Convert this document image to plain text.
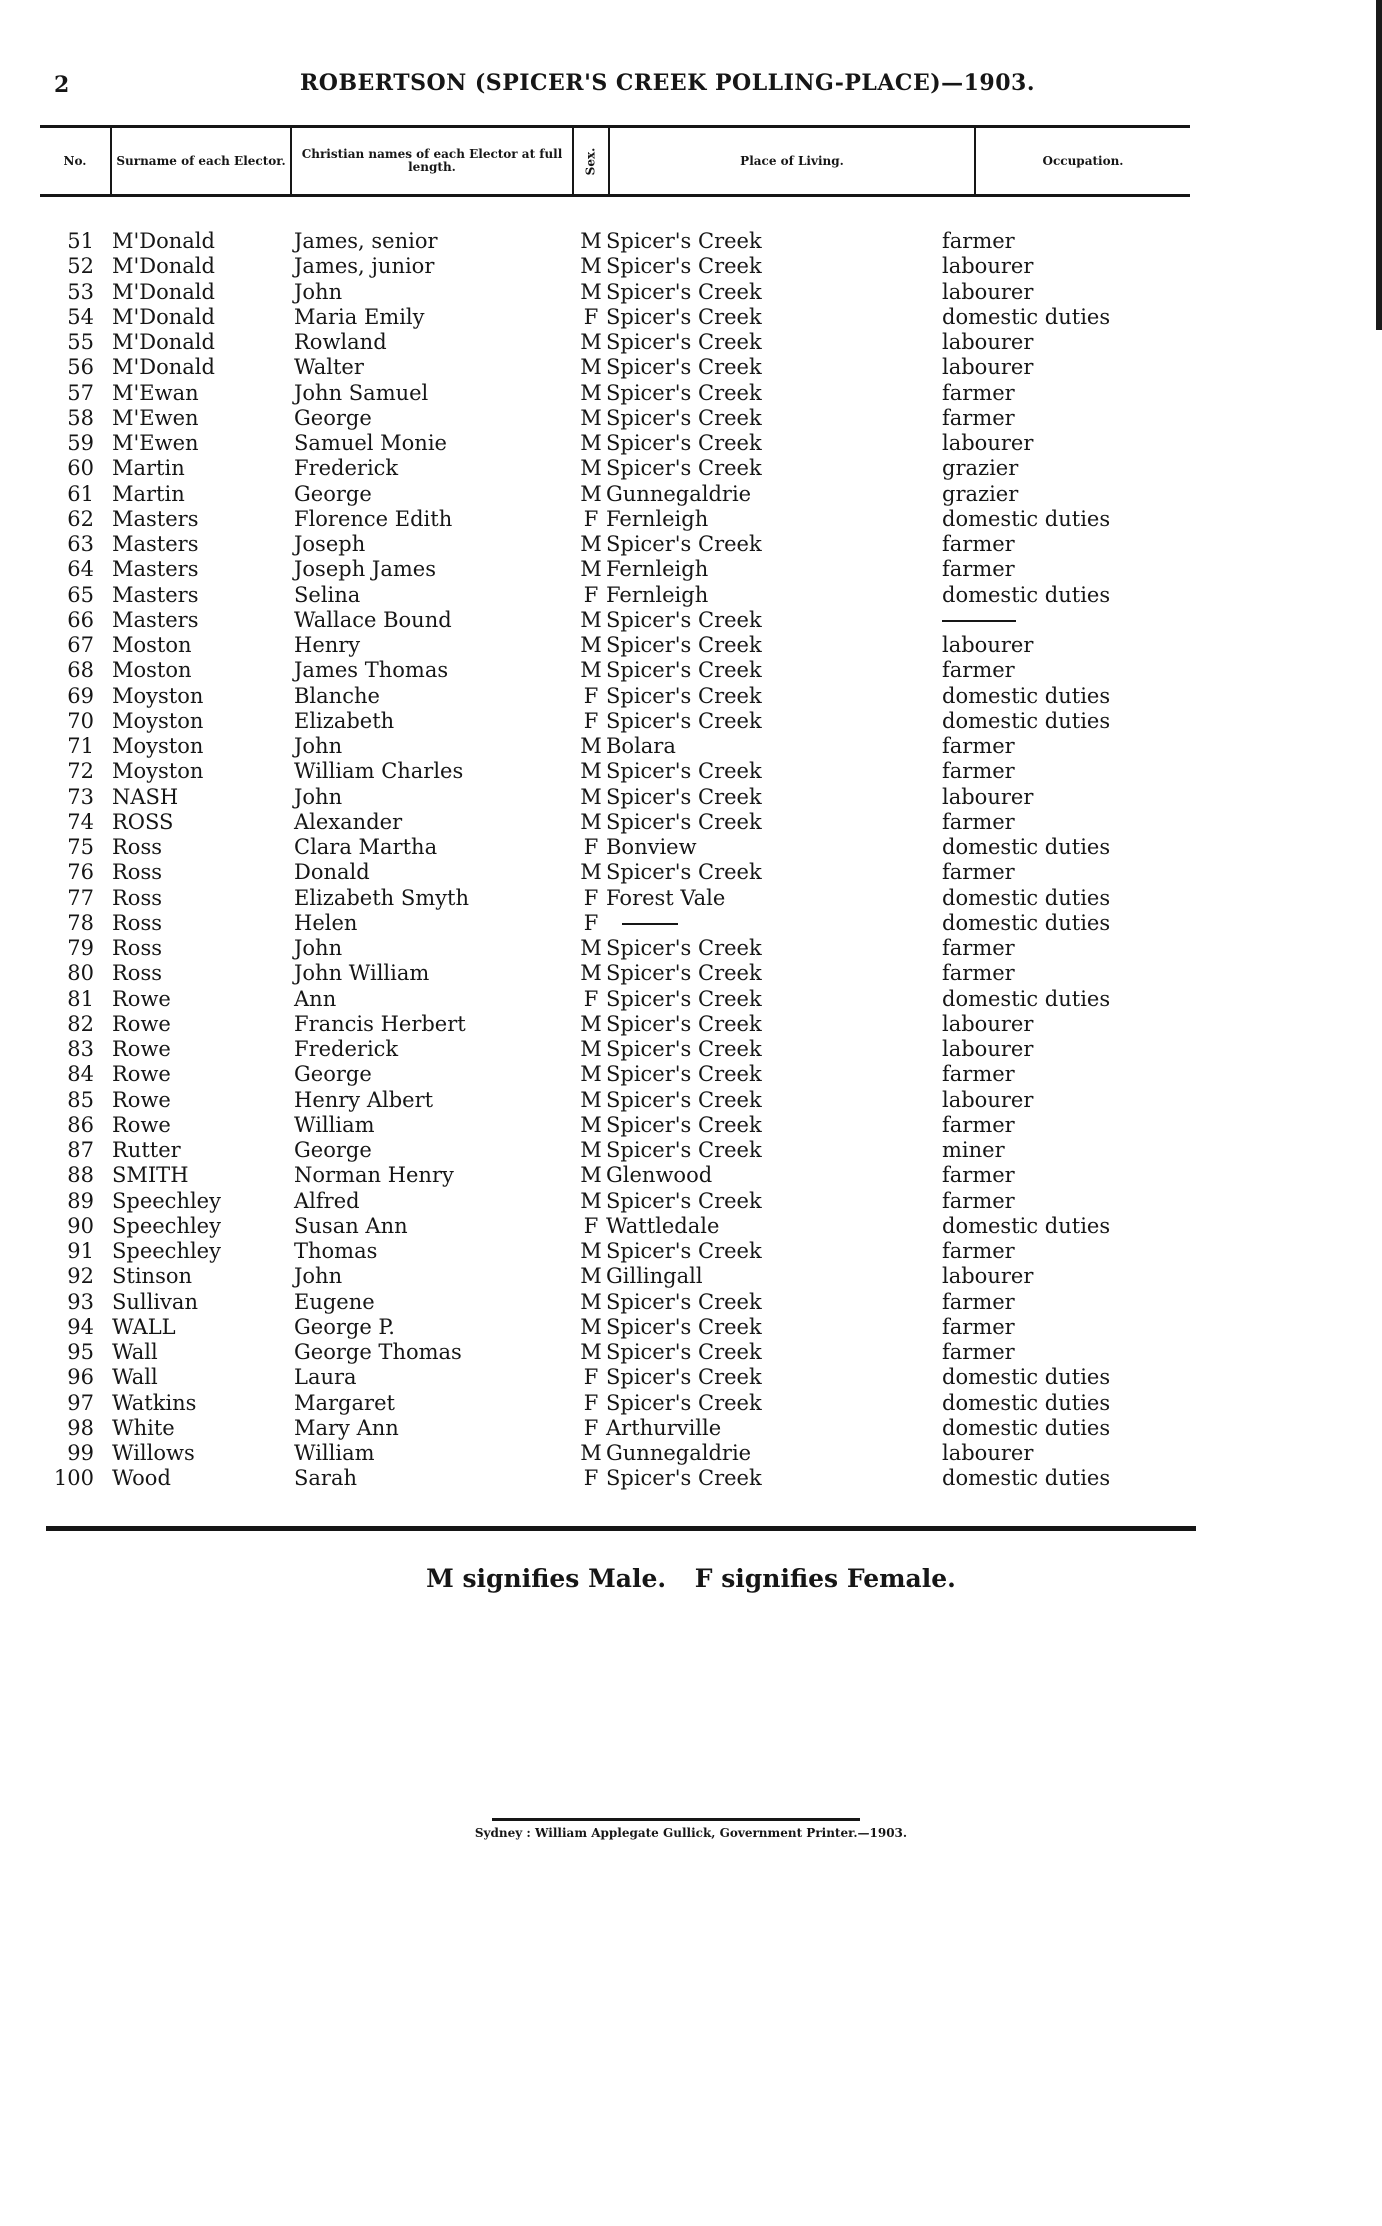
2	ROBERTSON (SPICER'S CREEK POLLING-PLACE)—1903.
No.	Surname of each Elector.	Christian names of each Elector at full length.	Sex.	Place of Living.	Occupation.
51 M'Donald	James, senior	M Spicer's Creek	farmer
52 M'Donald	James, junior	M Spicer's Creek	labourer
53 M'Donald	John	M Spicer's Creek	labourer
54 M'Donald	Maria Emily	F Spicer's Creek	domestic duties
55 M'Donald	Rowland	M Spicer's Creek	labourer
56 M'Donald	Walter	M Spicer's Creek	labourer
57 M'Ewan	John Samuel	M Spicer's Creek	farmer
58 M'Ewen	George	M Spicer's Creek	farmer
59 M'Ewen	Samuel Monie	M Spicer's Creek	labourer
60 Martin	Frederick	M Spicer's Creek	grazier
61 Martin	George	M Gunnegaldrie	grazier
62 Masters	Florence Edith	F Fernleigh	domestic duties
63 Masters	Joseph	M Spicer's Creek	farmer
64 Masters	Joseph James	M Fernleigh	farmer
65 Masters	Selina	F Fernleigh	domestic duties
66 Masters	Wallace Bound	M Spicer's Creek
67 Moston	Henry	M Spicer's Creek	labourer
68 Moston	James Thomas	M Spicer's Creek	farmer
69 Moyston	Blanche	F Spicer's Creek	domestic duties
70 Moyston	Elizabeth	F Spicer's Creek	domestic duties
71 Moyston	John	M Bolara	farmer
72 Moyston	William Charles	M Spicer's Creek	farmer
73 NASH	John	M Spicer's Creek	labourer
74 ROSS	Alexander	M Spicer's Creek	farmer
75 Ross	Clara Martha	F Bonview	domestic duties
76 Ross	Donald	M Spicer's Creek	farmer
77 Ross	Elizabeth Smyth	F Forest Vale	domestic duties
78 Ross	Helen	F	domestic duties
79 Ross	John	M Spicer's Creek	farmer
80 Ross	John William	M Spicer's Creek	farmer
81 Rowe	Ann	F Spicer's Creek	domestic duties
82 Rowe	Francis Herbert	M Spicer's Creek	labourer
83 Rowe	Frederick	M Spicer's Creek	labourer
84 Rowe	George	M Spicer's Creek	farmer
85 Rowe	Henry Albert	M Spicer's Creek	labourer
86 Rowe	William	M Spicer's Creek	farmer
87 Rutter	George	M Spicer's Creek	miner
88 SMITH	Norman Henry	M Glenwood	farmer
89 Speechley	Alfred	M Spicer's Creek	farmer
90 Speechley	Susan Ann	F Wattledale	domestic duties
91 Speechley	Thomas	M Spicer's Creek	farmer
92 Stinson	John	M Gillingall	labourer
93 Sullivan	Eugene	M Spicer's Creek	farmer
94 WALL	George P.	M Spicer's Creek	farmer
95 Wall	George Thomas	M Spicer's Creek	farmer
96 Wall	Laura	F Spicer's Creek	domestic duties
97 Watkins	Margaret	F Spicer's Creek	domestic duties
98 White	Mary Ann	F Arthurville	domestic duties
99 Willows	William	M Gunnegaldrie	labourer
100 Wood	Sarah	F Spicer's Creek	domestic duties
M signifies Male. F signifies Female.
Sydney : William Applegate Gullick, Government Printer.—1903.
